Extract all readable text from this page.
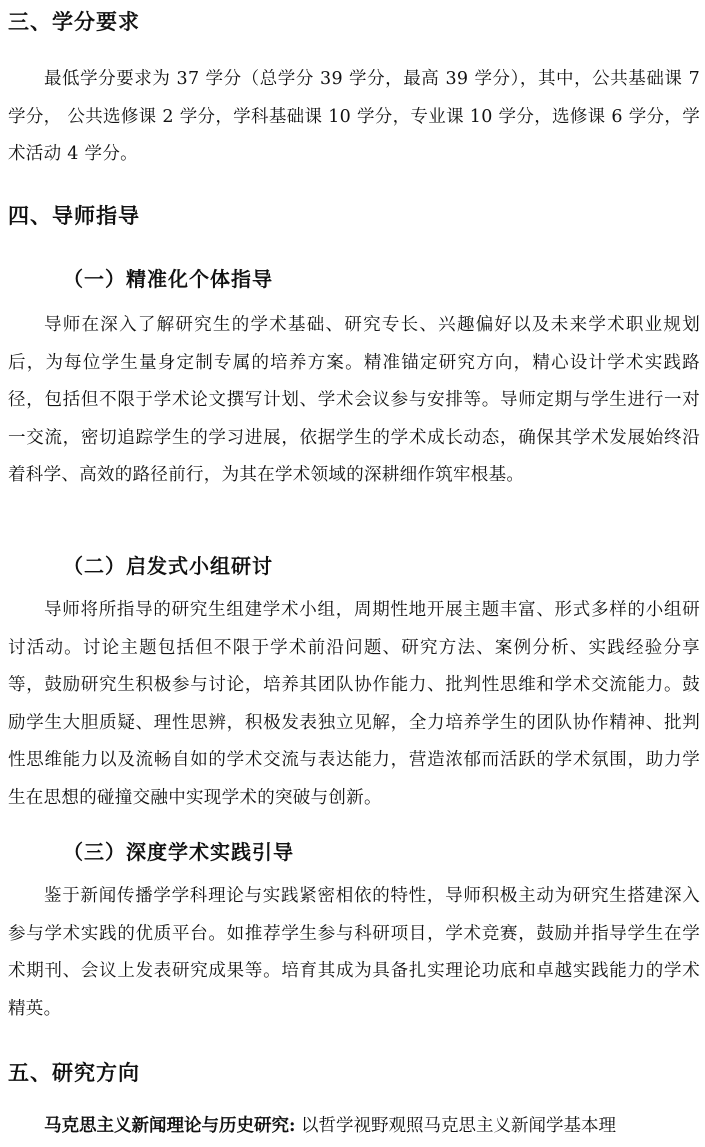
三、学分要求

最低学分要求为 37 学分（总学分 39 学分，最高 39 学分），其中，公共基础课 7 学分， 公共选修课 2 学分，学科基础课 10 学分，专业课 10 学分，选修课 6 学分，学术活动 4 学分。

四、导师指导
（一）精准化个体指导

导师在深入了解研究生的学术基础、研究专长、兴趣偏好以及未来学术职业规划后，为每位学生量身定制专属的培养方案。精准锚定研究方向，精心设计学术实践路径，包括但不限于学术论文撰写计划、学术会议参与安排等。导师定期与学生进行一对一交流，密切追踪学生的学习进展，依据学生的学术成长动态，确保其学术发展始终沿着科学、高效的路径前行，为其在学术领域的深耕细作筑牢根基。

（二）启发式小组研讨

导师将所指导的研究生组建学术小组，周期性地开展主题丰富、形式多样的小组研讨活动。讨论主题包括但不限于学术前沿问题、研究方法、案例分析、实践经验分享等，鼓励研究生积极参与讨论，培养其团队协作能力、批判性思维和学术交流能力。鼓励学生大胆质疑、理性思辨，积极发表独立见解，全力培养学生的团队协作精神、批判性思维能力以及流畅自如的学术交流与表达能力，营造浓郁而活跃的学术氛围，助力学生在思想的碰撞交融中实现学术的突破与创新。

（三）深度学术实践引导

鉴于新闻传播学学科理论与实践紧密相依的特性，导师积极主动为研究生搭建深入参与学术实践的优质平台。如推荐学生参与科研项目，学术竞赛，鼓励并指导学生在学术期刊、会议上发表研究成果等。培育其成为具备扎实理论功底和卓越实践能力的学术精英。

五、研究方向

马克思主义新闻理论与历史研究: 以哲学视野观照马克思主义新闻学基本理
